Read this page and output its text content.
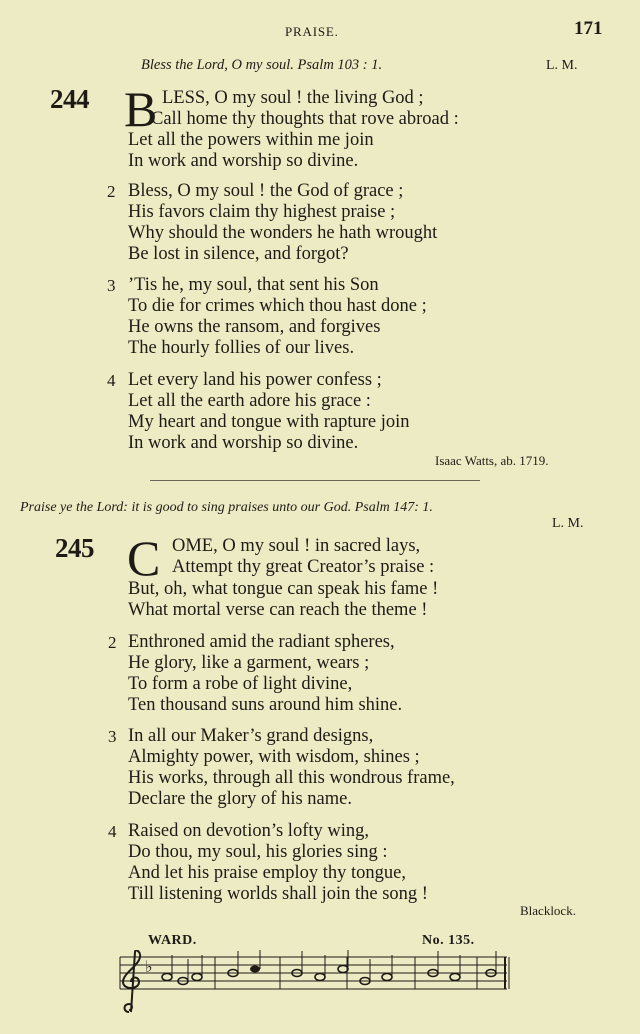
PRAISE.	171
Bless the Lord, O my soul. Psalm 103 : 1.	L. M.
244 B LESS, O my soul ! the living God ;
Call home thy thoughts that rove abroad :
Let all the powers within me join
In work and worship so divine.
2 Bless, O my soul ! the God of grace ;
His favors claim thy highest praise ;
Why should the wonders he hath wrought
Be lost in silence, and forgot?
3 ’Tis he, my soul, that sent his Son
To die for crimes which thou hast done ;
He owns the ransom, and forgives
The hourly follies of our lives.
4 Let every land his power confess ;
Let all the earth adore his grace :
My heart and tongue with rapture join
In work and worship so divine.
Isaac Watts, ab. 1719.
Praise ye the Lord: it is good to sing praises unto our God. Psalm 147: 1.
L. M.
245 C OME, O my soul ! in sacred lays,
Attempt thy great Creator’s praise :
But, oh, what tongue can speak his fame !
What mortal verse can reach the theme !
2 Enthroned amid the radiant spheres,
He glory, like a garment, wears ;
To form a robe of light divine,
Ten thousand suns around him shine.
3 In all our Maker’s grand designs,
Almighty power, with wisdom, shines ;
His works, through all this wondrous frame,
Declare the glory of his name.
4 Raised on devotion’s lofty wing,
Do thou, my soul, his glories sing :
And let his praise employ thy tongue,
Till listening worlds shall join the song !
Blacklock.
WARD.	No. 135.
♭
